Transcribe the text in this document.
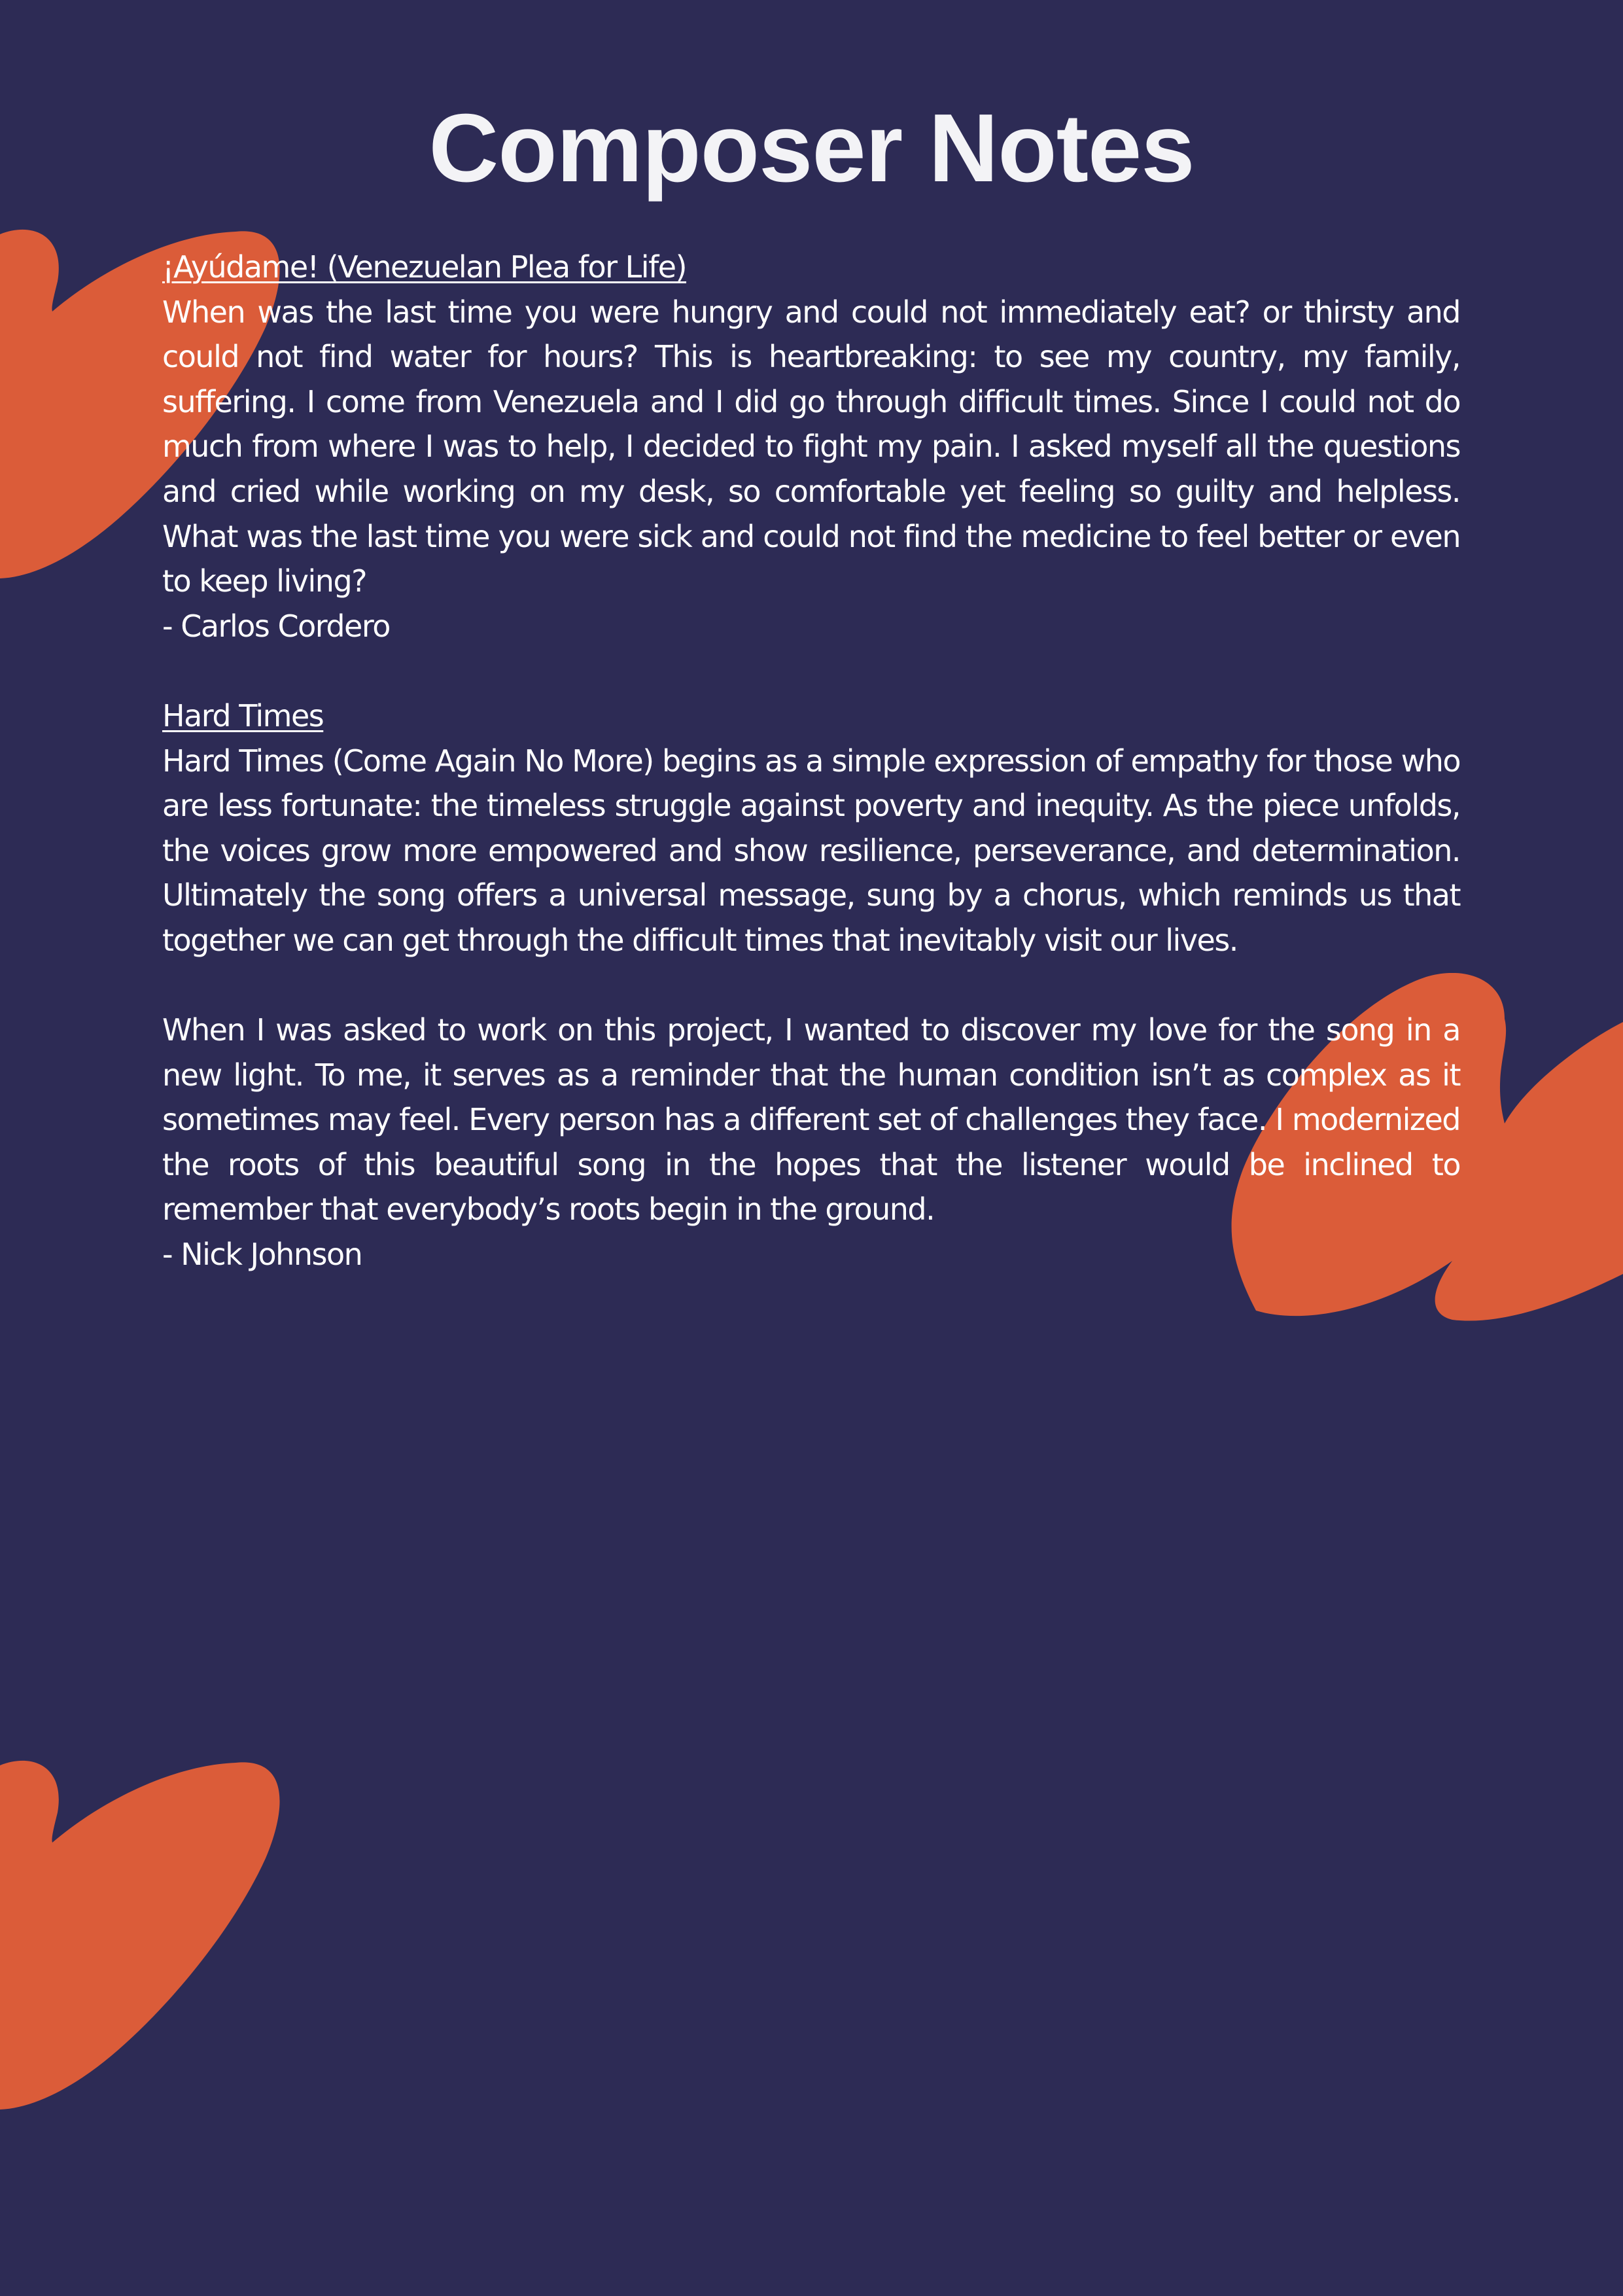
Composer Notes
¡Ayúdame! (Venezuelan Plea for Life)

When was the last time you were hungry and could not immediately eat? or thirsty and could not find water for hours? This is heartbreaking: to see my country, my family, suffering. I come from Venezuela and I did go through difficult times. Since I could not do much from where I was to help, I decided to fight my pain. I asked myself all the questions and cried while working on my desk, so comfortable yet feeling so guilty and helpless. What was the last time you were sick and could not find the medicine to feel better or even to keep living?

- Carlos Cordero
Hard Times

Hard Times (Come Again No More) begins as a simple expression of empathy for those who are less fortunate: the timeless struggle against poverty and inequity. As the piece unfolds, the voices grow more empowered and show resilience, perseverance, and determination. Ultimately the song offers a universal message, sung by a chorus, which reminds us that together we can get through the difficult times that inevitably visit our lives.

When I was asked to work on this project, I wanted to discover my love for the song in a new light. To me, it serves as a reminder that the human condition isn’t as complex as it sometimes may feel. Every person has a different set of challenges they face. I modernized the roots of this beautiful song in the hopes that the listener would be inclined to remember that everybody’s roots begin in the ground.

- Nick Johnson
